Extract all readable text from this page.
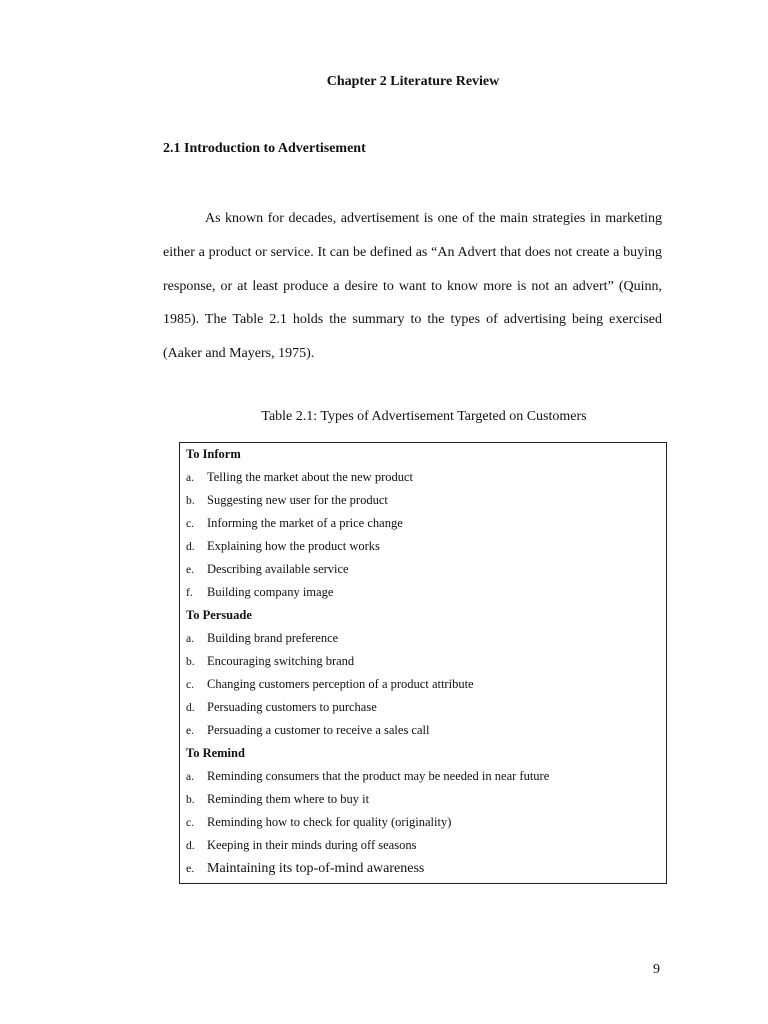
Chapter 2 Literature Review
2.1 Introduction to Advertisement
As known for decades, advertisement is one of the main strategies in marketing either a product or service. It can be defined as “An Advert that does not create a buying response, or at least produce a desire to want to know more is not an advert” (Quinn, 1985). The Table 2.1 holds the summary to the types of advertising being exercised (Aaker and Mayers, 1975).
Table 2.1: Types of Advertisement Targeted on Customers
To Inform
a. Telling the market about the new product
b. Suggesting new user for the product
c. Informing the market of a price change
d. Explaining how the product works
e. Describing available service
f. Building company image
To Persuade
a. Building brand preference
b. Encouraging switching brand
c. Changing customers perception of a product attribute
d. Persuading customers to purchase
e. Persuading a customer to receive a sales call
To Remind
a. Reminding consumers that the product may be needed in near future
b. Reminding them where to buy it
c. Reminding how to check for quality (originality)
d. Keeping in their minds during off seasons
e. Maintaining its top-of-mind awareness
9
